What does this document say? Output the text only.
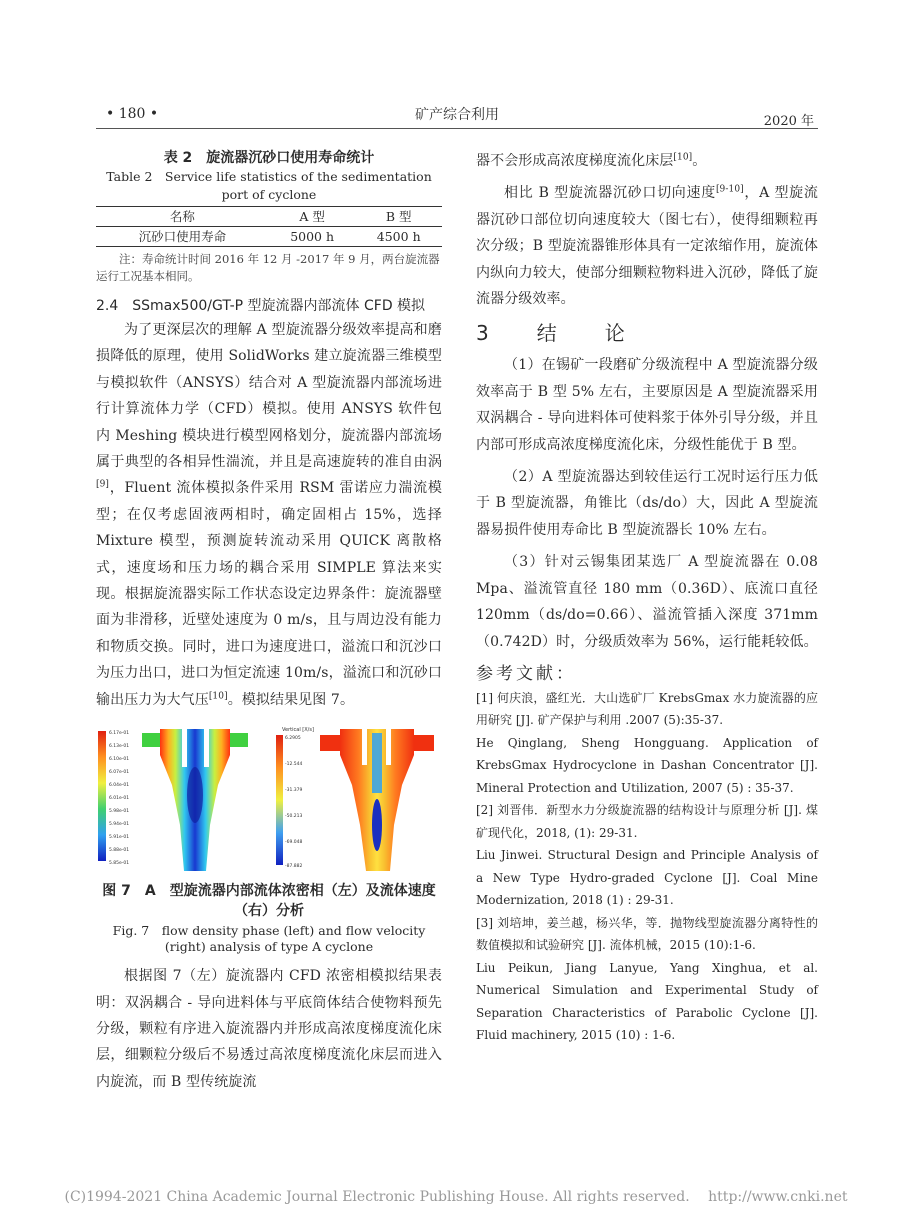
• 180 •	矿产综合利用	2020 年
表 2　旋流器沉砂口使用寿命统计
Table 2　Service life statistics of the sedimentation port of cyclone
名称	A 型	B 型
沉砂口使用寿命	5000 h	4500 h
注：寿命统计时间 2016 年 12 月 -2017 年 9 月，两台旋流器运行工况基本相同。
2.4　SSmax500/GT-P 型旋流器内部流体 CFD 模拟

为了更深层次的理解 A 型旋流器分级效率提高和磨损降低的原理，使用 SolidWorks 建立旋流器三维模型与模拟软件（ANSYS）结合对 A 型旋流器内部流场进行计算流体力学（CFD）模拟。使用 ANSYS 软件包内 Meshing 模块进行模型网格划分，旋流器内部流场属于典型的各相异性湍流，并且是高速旋转的准自由涡[9]，Fluent 流体模拟条件采用 RSM 雷诺应力湍流模型；在仅考虑固液两相时，确定固相占 15%，选择 Mixture 模型，预测旋转流动采用 QUICK 离散格式，速度场和压力场的耦合采用 SIMPLE 算法来实现。根据旋流器实际工作状态设定边界条件：旋流器壁面为非滑移，近壁处速度为 0 m/s，且与周边没有能力和物质交换。同时，进口为速度进口，溢流口和沉沙口为压力出口，进口为恒定流速 10m/s，溢流口和沉砂口输出压力为大气压[10]。模拟结果见图 7。

6.17e-01
6.13e-01
6.10e-01
6.07e-01
6.04e-01
6.01e-01
5.98e-01
5.94e-01
5.91e-01
5.88e-01
5.85e-01
Vertical [X/s]
6.2905
-12.544
-31.379
-50.213
-69.048
-87.882
图 7　A　型旋流器内部流体浓密相（左）及流体速度（右）分析
Fig. 7　flow density phase (left) and flow velocity (right) analysis of type A cyclone

根据图 7（左）旋流器内 CFD 浓密相模拟结果表明：双涡耦合 - 导向进料体与平底筒体结合使物料预先分级，颗粒有序进入旋流器内并形成高浓度梯度流化床层，细颗粒分级后不易透过高浓度梯度流化床层而进入内旋流，而 B 型传统旋流

器不会形成高浓度梯度流化床层[10]。

相比 B 型旋流器沉砂口切向速度[9-10]，A 型旋流器沉砂口部位切向速度较大（图七右），使得细颗粒再次分级；B 型旋流器锥形体具有一定浓缩作用，旋流体内纵向力较大，使部分细颗粒物料进入沉砂，降低了旋流器分级效率。

3　结　论

（1）在锡矿一段磨矿分级流程中 A 型旋流器分级效率高于 B 型 5% 左右，主要原因是 A 型旋流器采用双涡耦合 - 导向进料体可使料浆于体外引导分级，并且内部可形成高浓度梯度流化床，分级性能优于 B 型。

（2）A 型旋流器达到较佳运行工况时运行压力低于 B 型旋流器，角锥比（ds/do）大，因此 A 型旋流器易损件使用寿命比 B 型旋流器长 10% 左右。

（3）针对云锡集团某选厂 A 型旋流器在 0.08 Mpa、溢流管直径 180 mm（0.36D）、底流口直径 120mm（ds/do=0.66）、溢流管插入深度 371mm（0.742D）时，分级质效率为 56%，运行能耗较低。

参考文献：
[1] 何庆浪，盛红光．大山选矿厂 KrebsGmax 水力旋流器的应用研究 [J]. 矿产保护与利用 .2007 (5):35-37.
He Qinglang, Sheng Hongguang. Application of KrebsGmax Hydrocyclone in Dashan Concentrator [J]. Mineral Protection and Utilization, 2007 (5) : 35-37.
[2] 刘晋伟．新型水力分级旋流器的结构设计与原理分析 [J]. 煤矿现代化，2018, (1): 29-31.
Liu Jinwei. Structural Design and Principle Analysis of a New Type Hydro-graded Cyclone [J]. Coal Mine Modernization, 2018 (1) : 29-31.
[3] 刘培坤，姜兰越，杨兴华，等．抛物线型旋流器分离特性的数值模拟和试验研究 [J]. 流体机械，2015 (10):1-6.
Liu Peikun, Jiang Lanyue, Yang Xinghua, et al. Numerical Simulation and Experimental Study of Separation Characteristics of Parabolic Cyclone [J]. Fluid machinery, 2015 (10) : 1-6.
(C)1994-2021 China Academic Journal Electronic Publishing House. All rights reserved.　 http://www.cnki.net
